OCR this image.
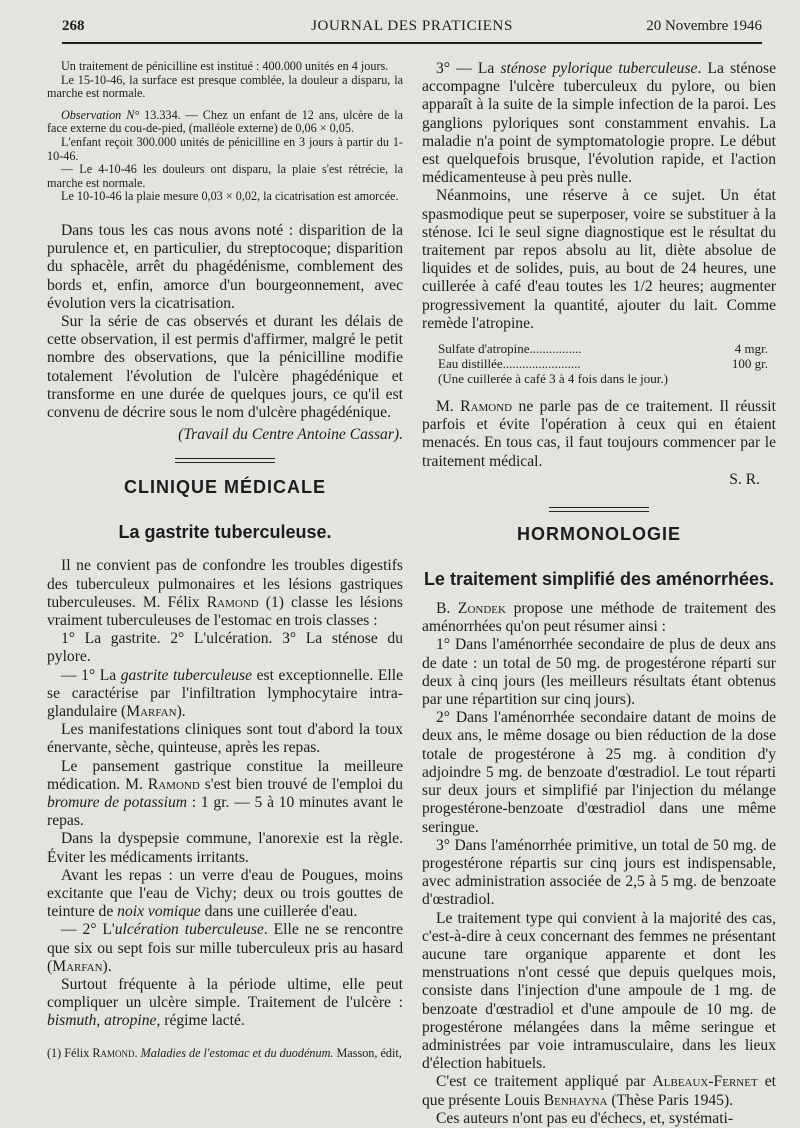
268	JOURNAL DES PRATICIENS	20 Novembre 1946

Un traitement de pénicilline est institué : 400.000 unités en 4 jours.

Le 15-10-46, la surface est presque comblée, la douleur a disparu, la marche est normale.

Observation N° 13.334. — Chez un enfant de 12 ans, ulcère de la face externe du cou-de-pied, (malléole externe) de 0,06 × 0,05.

L'enfant reçoit 300.000 unités de pénicilline en 3 jours à partir du 1-10-46.

— Le 4-10-46 les douleurs ont disparu, la plaie s'est rétrécie, la marche est normale.

Le 10-10-46 la plaie mesure 0,03 × 0,02, la cicatrisation est amorcée.

Dans tous les cas nous avons noté : disparition de la purulence et, en particulier, du streptocoque; disparition du sphacèle, arrêt du phagédénisme, comblement des bords et, enfin, amorce d'un bourgeonnement, avec évolution vers la cicatrisation.

Sur la série de cas observés et durant les délais de cette observation, il est permis d'affirmer, malgré le petit nombre des observations, que la pénicilline modifie totalement l'évolution de l'ulcère phagédénique et transforme en une durée de quelques jours, ce qu'il est convenu de décrire sous le nom d'ulcère phagédénique.

(Travail du Centre Antoine Cassar).

CLINIQUE MÉDICALE
La gastrite tuberculeuse.

Il ne convient pas de confondre les troubles digestifs des tuberculeux pulmonaires et les lésions gastriques tuberculeuses. M. Félix Ramond (1) classe les lésions vraiment tuberculeuses de l'estomac en trois classes :

1° La gastrite. 2° L'ulcération. 3° La sténose du pylore.

— 1° La gastrite tuberculeuse est exceptionnelle. Elle se caractérise par l'infiltration lymphocytaire intra-glandulaire (Marfan).

Les manifestations cliniques sont tout d'abord la toux énervante, sèche, quinteuse, après les repas.

Le pansement gastrique constitue la meilleure médication. M. Ramond s'est bien trouvé de l'emploi du bromure de potassium : 1 gr. — 5 à 10 minutes avant le repas.

Dans la dyspepsie commune, l'anorexie est la règle. Éviter les médicaments irritants.

Avant les repas : un verre d'eau de Pougues, moins excitante que l'eau de Vichy; deux ou trois gouttes de teinture de noix vomique dans une cuillerée d'eau.

— 2° L'ulcération tuberculeuse. Elle ne se rencontre que six ou sept fois sur mille tuberculeux pris au hasard (Marfan).

Surtout fréquente à la période ultime, elle peut compliquer un ulcère simple. Traitement de l'ulcère : bismuth, atropine, régime lacté.

(1) Félix Ramond. Maladies de l'estomac et du duodénum. Masson, édit,

3° — La sténose pylorique tuberculeuse. La sténose accompagne l'ulcère tuberculeux du pylore, ou bien apparaît à la suite de la simple infection de la paroi. Les ganglions pyloriques sont constamment envahis. La maladie n'a point de symptomatologie propre. Le début est quelquefois brusque, l'évolution rapide, et l'action médicamenteuse à peu près nulle.

Néanmoins, une réserve à ce sujet. Un état spasmodique peut se superposer, voire se substituer à la sténose. Ici le seul signe diagnostique est le résultat du traitement par repos absolu au lit, diète absolue de liquides et de solides, puis, au bout de 24 heures, une cuillerée à café d'eau toutes les 1/2 heures; augmenter progressivement la quantité, ajouter du lait. Comme remède l'atropine.

Sulfate d'atropine ................	4 mgr.
Eau distillée ........................	100 gr.
(Une cuillerée à café 3 à 4 fois dans le jour.)

M. Ramond ne parle pas de ce traitement. Il réussit parfois et évite l'opération à ceux qui en étaient menacés. En tous cas, il faut toujours commencer par le traitement médical.

S. R.

HORMONOLOGIE
Le traitement simplifié des aménorrhées.

B. Zondek propose une méthode de traitement des aménorrhées qu'on peut résumer ainsi :

1° Dans l'aménorrhée secondaire de plus de deux ans de date : un total de 50 mg. de progestérone réparti sur deux à cinq jours (les meilleurs résultats étant obtenus par une répartition sur cinq jours).

2° Dans l'aménorrhée secondaire datant de moins de deux ans, le même dosage ou bien réduction de la dose totale de progestérone à 25 mg. à condition d'y adjoindre 5 mg. de benzoate d'œstradiol. Le tout réparti sur deux jours et simplifié par l'injection du mélange progestérone-benzoate d'œstradiol dans une même seringue.

3° Dans l'aménorrhée primitive, un total de 50 mg. de progestérone répartis sur cinq jours est indispensable, avec administration associée de 2,5 à 5 mg. de benzoate d'œstradiol.

Le traitement type qui convient à la majorité des cas, c'est-à-dire à ceux concernant des femmes ne présentant aucune tare organique apparente et dont les menstruations n'ont cessé que depuis quelques mois, consiste dans l'injection d'une ampoule de 1 mg. de benzoate d'œstradiol et d'une ampoule de 10 mg. de progestérone mélangées dans la même seringue et administrées par voie intramusculaire, dans les lieux d'élection habituels.

C'est ce traitement appliqué par Albeaux-Fernet et que présente Louis Benhayna (Thèse Paris 1945).

Ces auteurs n'ont pas eu d'échecs, et, systémati-
